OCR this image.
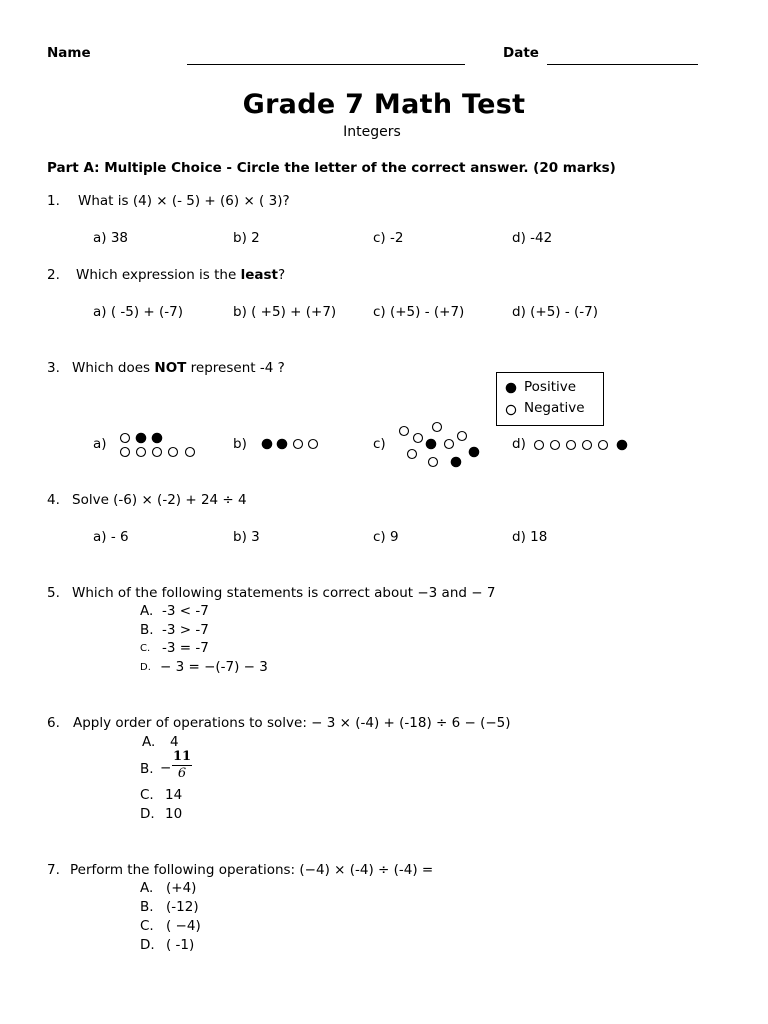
Name	Date
Grade 7 Math Test
Integers
Part A: Multiple Choice - Circle the letter of the correct answer. (20 marks)
1. What is (4) × (- 5) + (6) × ( 3)?
a) 38	b) 2	c) -2	d) -42
2. Which expression is the least?
a) ( -5) + (-7)	b) ( +5) + (+7)	c) (+5) - (+7)	d) (+5) - (-7)
3. Which does NOT represent -4 ?
Positive
Negative
a)	b)	c)	d)
4. Solve (-6) × (-2) + 24 ÷ 4
a) - 6	b) 3	c) 9	d) 18
5. Which of the following statements is correct about −3 and − 7
A. -3 < -7
B. -3 > -7
C. -3 = -7
D. − 3 = −(-7) − 3
6. Apply order of operations to solve: − 3 × (-4) + (-18) ÷ 6 − (−5)
A. 4
B. −
11
6
C. 14
D. 10
7. Perform the following operations: (−4) × (-4) ÷ (-4) =
A. (+4)
B. (-12)
C. ( −4)
D. ( -1)
